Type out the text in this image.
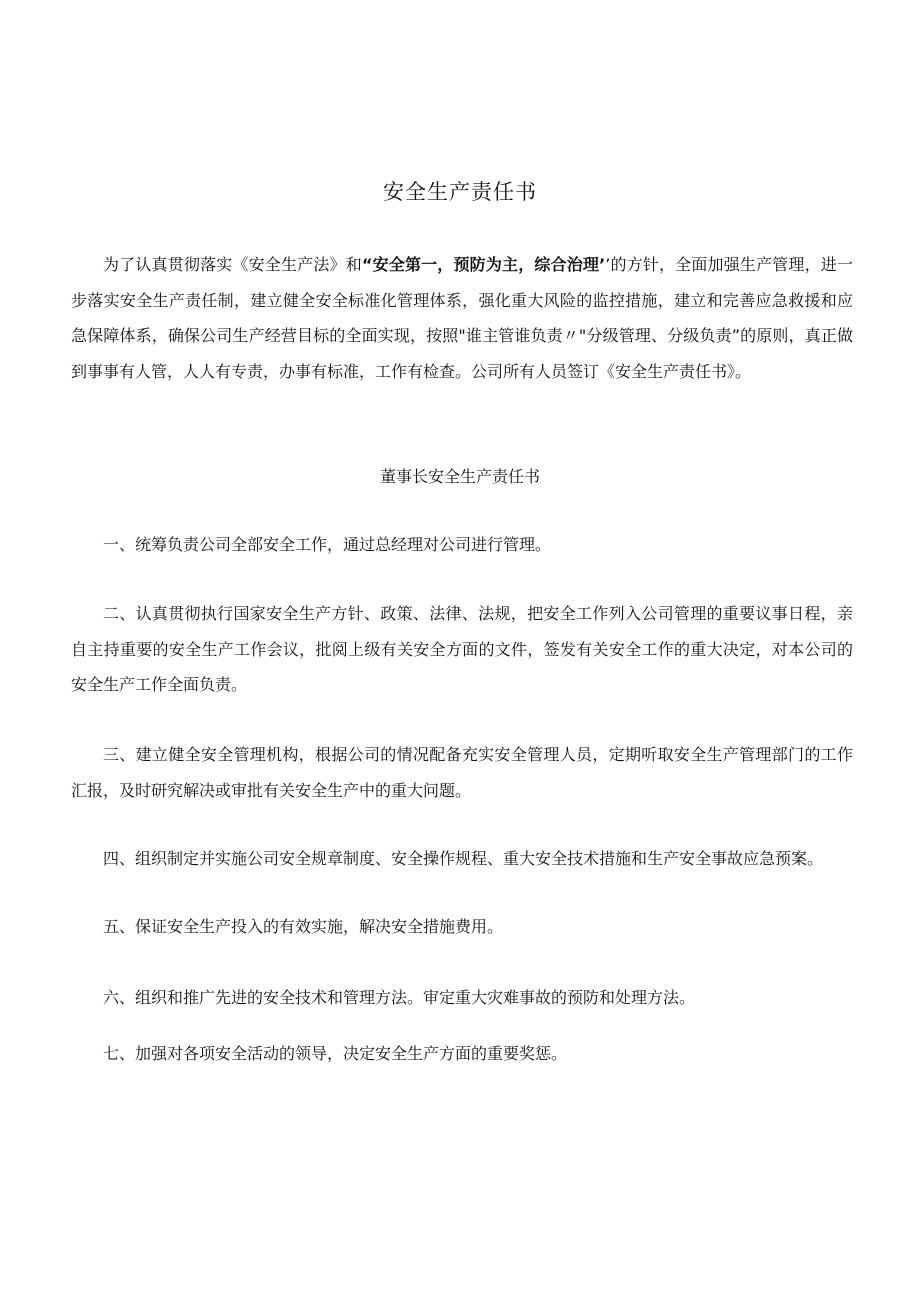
安全生产责任书

为了认真贯彻落实《安全生产法》和“安全第一，预防为主，综合治理’’的方针，全面加强生产管理，进一步落实安全生产责任制，建立健全安全标准化管理体系，强化重大风险的监控措施，建立和完善应急救援和应急保障体系，确保公司生产经营目标的全面实现，按照"谁主管谁负责〃"分级管理、分级负责”的原则，真正做到事事有人管，人人有专责，办事有标准，工作有检查。公司所有人员签订《安全生产责任书》。

董事长安全生产责任书

一、统筹负责公司全部安全工作，通过总经理对公司进行管理。

二、认真贯彻执行国家安全生产方针、政策、法律、法规，把安全工作列入公司管理的重要议事日程，亲自主持重要的安全生产工作会议，批阅上级有关安全方面的文件，签发有关安全工作的重大决定，对本公司的安全生产工作全面负责。

三、建立健全安全管理机构，根据公司的情况配备充实安全管理人员，定期听取安全生产管理部门的工作汇报，及时研究解决或审批有关安全生产中的重大问题。

四、组织制定并实施公司安全规章制度、安全操作规程、重大安全技术措施和生产安全事故应急预案。

五、保证安全生产投入的有效实施，解决安全措施费用。

六、组织和推广先进的安全技术和管理方法。审定重大灾难事故的预防和处理方法。

七、加强对各项安全活动的领导，决定安全生产方面的重要奖惩。
